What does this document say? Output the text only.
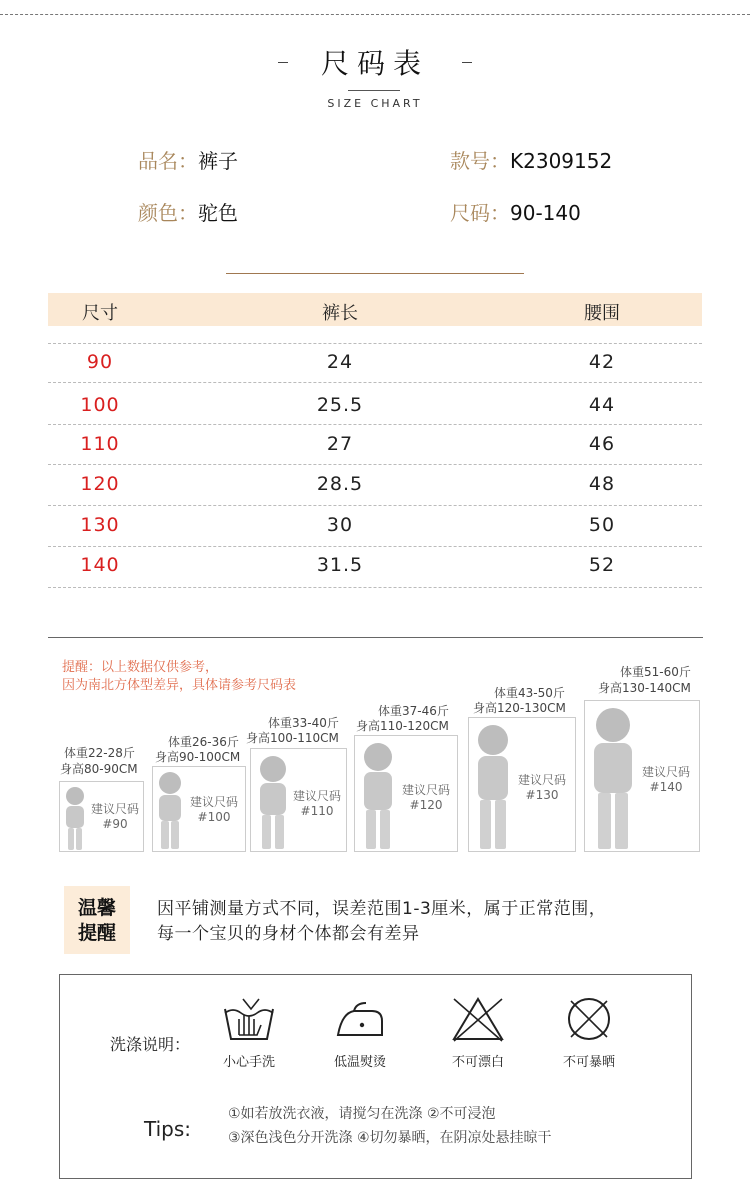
尺码表
SIZE CHART
品名：裤子	款号：K2309152
颜色：驼色	尺码：90-140
尺寸	裤长	腰围
90	24	42
100	25.5	44
110	27	46
120	28.5	48
130	30	50
140	31.5	52
提醒：以上数据仅供参考，
因为南北方体型差异，具体请参考尺码表
体重22-28斤
身高80-90CM
建议尺码
#90
体重26-36斤
身高90-100CM
建议尺码
#100
体重33-40斤
身高100-110CM
建议尺码
#110
体重37-46斤
身高110-120CM
建议尺码
#120
体重43-50斤
身高120-130CM
建议尺码
#130
体重51-60斤
身高130-140CM
建议尺码
#140
温馨
提醒
因平铺测量方式不同，误差范围1-3厘米，属于正常范围，
每一个宝贝的身材个体都会有差异
洗涤说明：
小心手洗	低温熨烫	不可漂白	不可暴晒
Tips:
①如若放洗衣液，请搅匀在洗涤 ②不可浸泡
③深色浅色分开洗涤 ④切勿暴晒，在阴凉处悬挂晾干
